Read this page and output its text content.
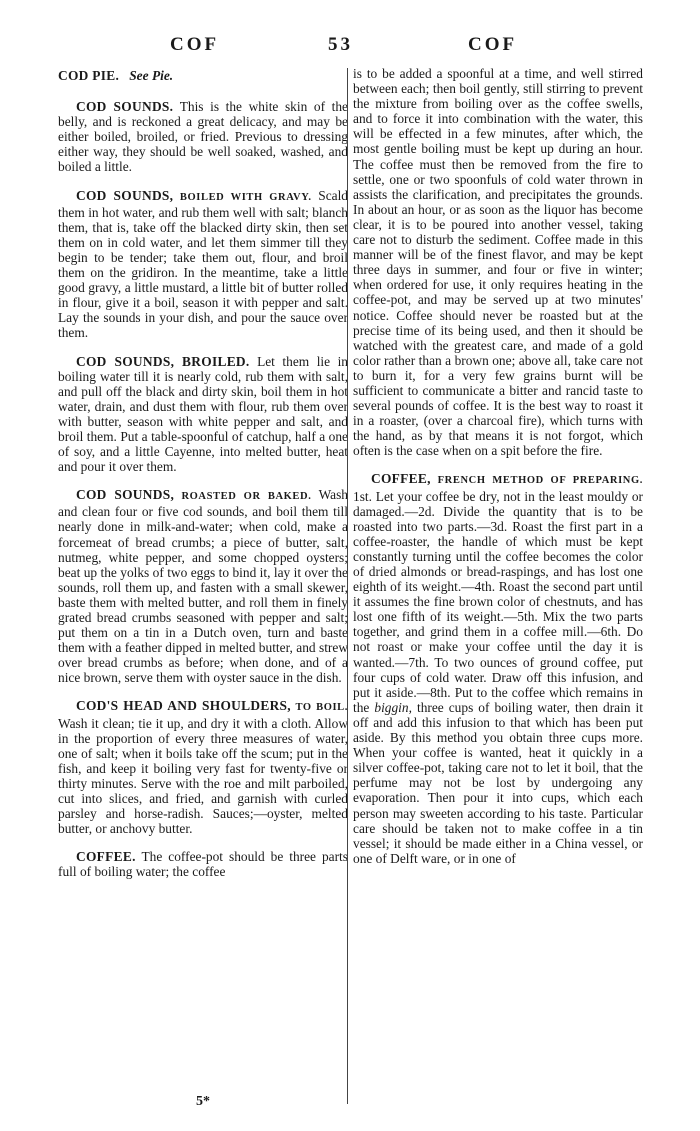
COF	53	COF

COD PIE. See Pie.

COD SOUNDS. This is the white skin of the belly, and is reckoned a great delicacy, and may be either boiled, broiled, or fried. Previous to dressing either way, they should be well soaked, washed, and boiled a little.

COD SOUNDS, BOILED WITH GRAVY. Scald them in hot water, and rub them well with salt; blanch them, that is, take off the blacked dirty skin, then set them on in cold water, and let them simmer till they begin to be tender; take them out, flour, and broil them on the gridiron. In the meantime, take a little good gravy, a little mustard, a little bit of butter rolled in flour, give it a boil, season it with pepper and salt. Lay the sounds in your dish, and pour the sauce over them.

COD SOUNDS, BROILED. Let them lie in boiling water till it is nearly cold, rub them with salt, and pull off the black and dirty skin, boil them in hot water, drain, and dust them with flour, rub them over with butter, season with white pepper and salt, and broil them. Put a table-spoonful of catchup, half a one of soy, and a little Cayenne, into melted butter, heat and pour it over them.

COD SOUNDS, ROASTED OR BAKED. Wash and clean four or five cod sounds, and boil them till nearly done in milk-and-water; when cold, make a forcemeat of bread crumbs; a piece of butter, salt, nutmeg, white pepper, and some chopped oysters; beat up the yolks of two eggs to bind it, lay it over the sounds, roll them up, and fasten with a small skewer, baste them with melted butter, and roll them in finely grated bread crumbs seasoned with pepper and salt; put them on a tin in a Dutch oven, turn and baste them with a feather dipped in melted butter, and strew over bread crumbs as before; when done, and of a nice brown, serve them with oyster sauce in the dish.

COD'S HEAD AND SHOULDERS, TO BOIL. Wash it clean; tie it up, and dry it with a cloth. Allow in the proportion of every three measures of water, one of salt; when it boils take off the scum; put in the fish, and keep it boiling very fast for twenty-five or thirty minutes. Serve with the roe and milt parboiled, cut into slices, and fried, and garnish with curled parsley and horse-radish. Sauces;—oyster, melted butter, or anchovy butter.

COFFEE. The coffee-pot should be three parts full of boiling water; the coffee

is to be added a spoonful at a time, and well stirred between each; then boil gently, still stirring to prevent the mixture from boiling over as the coffee swells, and to force it into combination with the water, this will be effected in a few minutes, after which, the most gentle boiling must be kept up during an hour. The coffee must then be removed from the fire to settle, one or two spoonfuls of cold water thrown in assists the clarification, and precipitates the grounds. In about an hour, or as soon as the liquor has become clear, it is to be poured into another vessel, taking care not to disturb the sediment. Coffee made in this manner will be of the finest flavor, and may be kept three days in summer, and four or five in winter; when ordered for use, it only requires heating in the coffee-pot, and may be served up at two minutes' notice. Coffee should never be roasted but at the precise time of its being used, and then it should be watched with the greatest care, and made of a gold color rather than a brown one; above all, take care not to burn it, for a very few grains burnt will be sufficient to communicate a bitter and rancid taste to several pounds of coffee. It is the best way to roast it in a roaster, (over a charcoal fire), which turns with the hand, as by that means it is not forgot, which often is the case when on a spit before the fire.

COFFEE, FRENCH METHOD OF PREPARING. 1st. Let your coffee be dry, not in the least mouldy or damaged.—2d. Divide the quantity that is to be roasted into two parts.—3d. Roast the first part in a coffee-roaster, the handle of which must be kept constantly turning until the coffee becomes the color of dried almonds or bread-raspings, and has lost one eighth of its weight.—4th. Roast the second part until it assumes the fine brown color of chestnuts, and has lost one fifth of its weight.—5th. Mix the two parts together, and grind them in a coffee mill.—6th. Do not roast or make your coffee until the day it is wanted.—7th. To two ounces of ground coffee, put four cups of cold water. Draw off this infusion, and put it aside.—8th. Put to the coffee which remains in the biggin, three cups of boiling water, then drain it off and add this infusion to that which has been put aside. By this method you obtain three cups more. When your coffee is wanted, heat it quickly in a silver coffee-pot, taking care not to let it boil, that the perfume may not be lost by undergoing any evaporation. Then pour it into cups, which each person may sweeten according to his taste. Particular care should be taken not to make coffee in a tin vessel; it should be made either in a China vessel, or one of Delft ware, or in one of

5*
